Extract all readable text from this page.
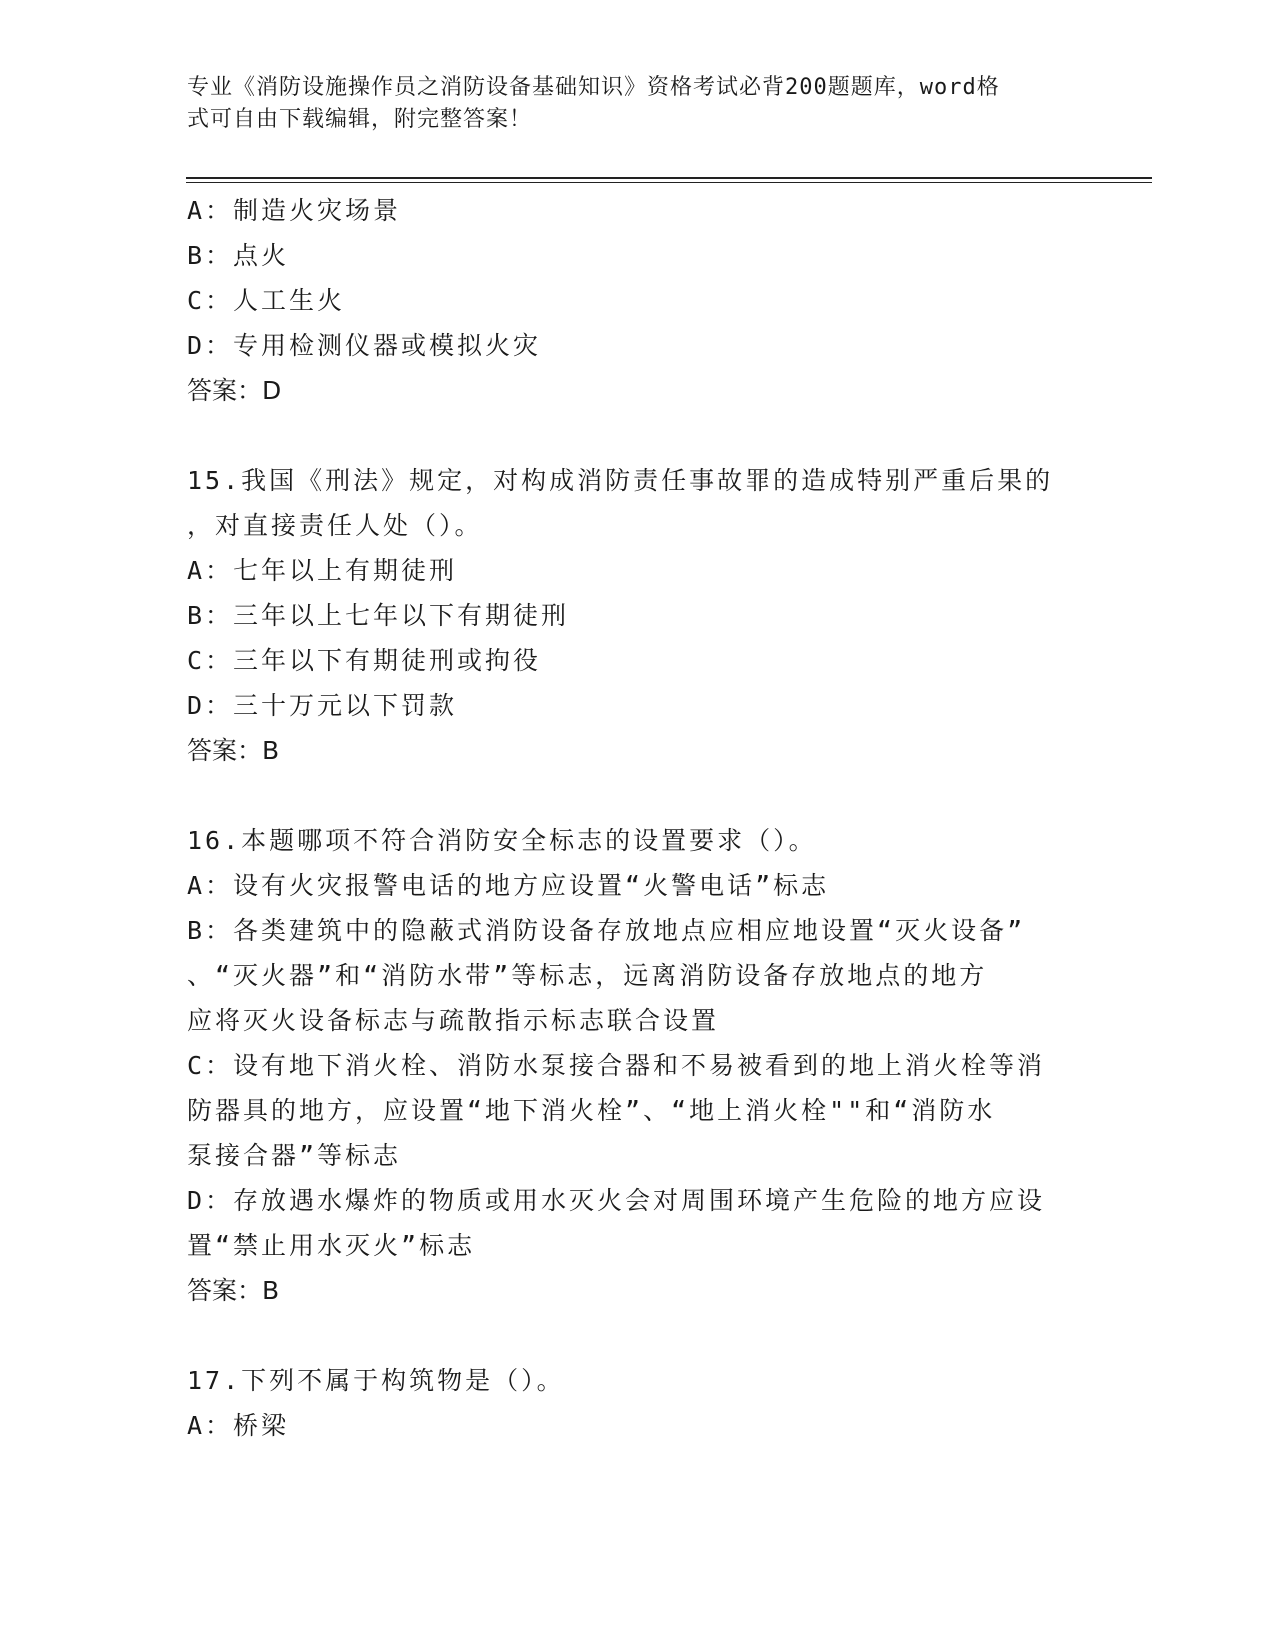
专业《消防设施操作员之消防设备基础知识》资格考试必背200题题库，word格
式可自由下载编辑，附完整答案！
A：制造火灾场景
B：点火
C：人工生火
D：专用检测仪器或模拟火灾
答案：D
15.我国《刑法》规定，对构成消防责任事故罪的造成特别严重后果的
，对直接责任人处（）。
A：七年以上有期徒刑
B：三年以上七年以下有期徒刑
C：三年以下有期徒刑或拘役
D：三十万元以下罚款
答案：B
16.本题哪项不符合消防安全标志的设置要求（）。
A：设有火灾报警电话的地方应设置“火警电话”标志
B：各类建筑中的隐蔽式消防设备存放地点应相应地设置“灭火设备”
、“灭火器”和“消防水带”等标志，远离消防设备存放地点的地方
应将灭火设备标志与疏散指示标志联合设置
C：设有地下消火栓、消防水泵接合器和不易被看到的地上消火栓等消
防器具的地方，应设置“地下消火栓”、“地上消火栓""和“消防水
泵接合器”等标志
D：存放遇水爆炸的物质或用水灭火会对周围环境产生危险的地方应设
置“禁止用水灭火”标志
答案：B
17.下列不属于构筑物是（）。
A：桥梁
